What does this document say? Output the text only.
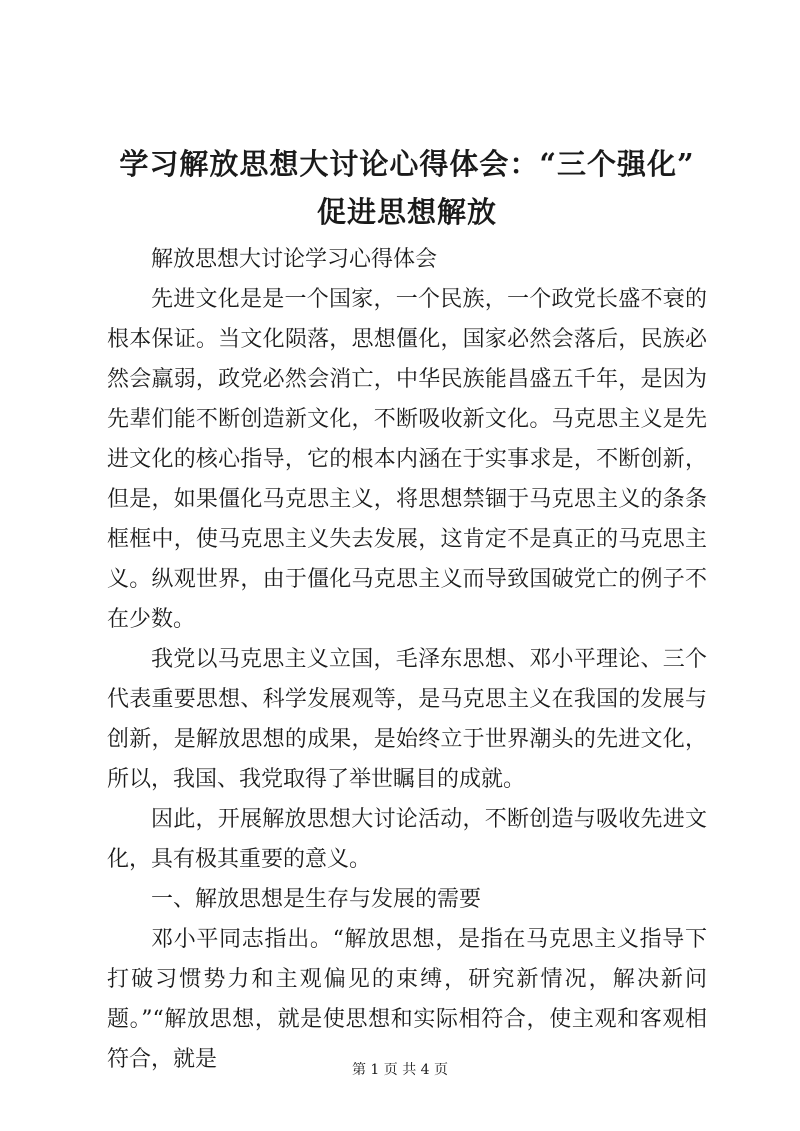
学习解放思想大讨论心得体会：“三个强化”
促进思想解放

解放思想大讨论学习心得体会

先进文化是是一个国家，一个民族，一个政党长盛不衰的根本保证。当文化陨落，思想僵化，国家必然会落后，民族必然会羸弱，政党必然会消亡，中华民族能昌盛五千年，是因为先辈们能不断创造新文化，不断吸收新文化。马克思主义是先进文化的核心指导，它的根本内涵在于实事求是，不断创新，但是，如果僵化马克思主义，将思想禁锢于马克思主义的条条框框中，使马克思主义失去发展，这肯定不是真正的马克思主义。纵观世界，由于僵化马克思主义而导致国破党亡的例子不在少数。

我党以马克思主义立国，毛泽东思想、邓小平理论、三个代表重要思想、科学发展观等，是马克思主义在我国的发展与创新，是解放思想的成果，是始终立于世界潮头的先进文化，所以，我国、我党取得了举世瞩目的成就。

因此，开展解放思想大讨论活动，不断创造与吸收先进文化，具有极其重要的意义。

一、解放思想是生存与发展的需要

邓小平同志指出。“解放思想，是指在马克思主义指导下打破习惯势力和主观偏见的束缚，研究新情况，解决新问题。”“解放思想，就是使思想和实际相符合，使主观和客观相符合，就是	第 1 页 共 4 页
